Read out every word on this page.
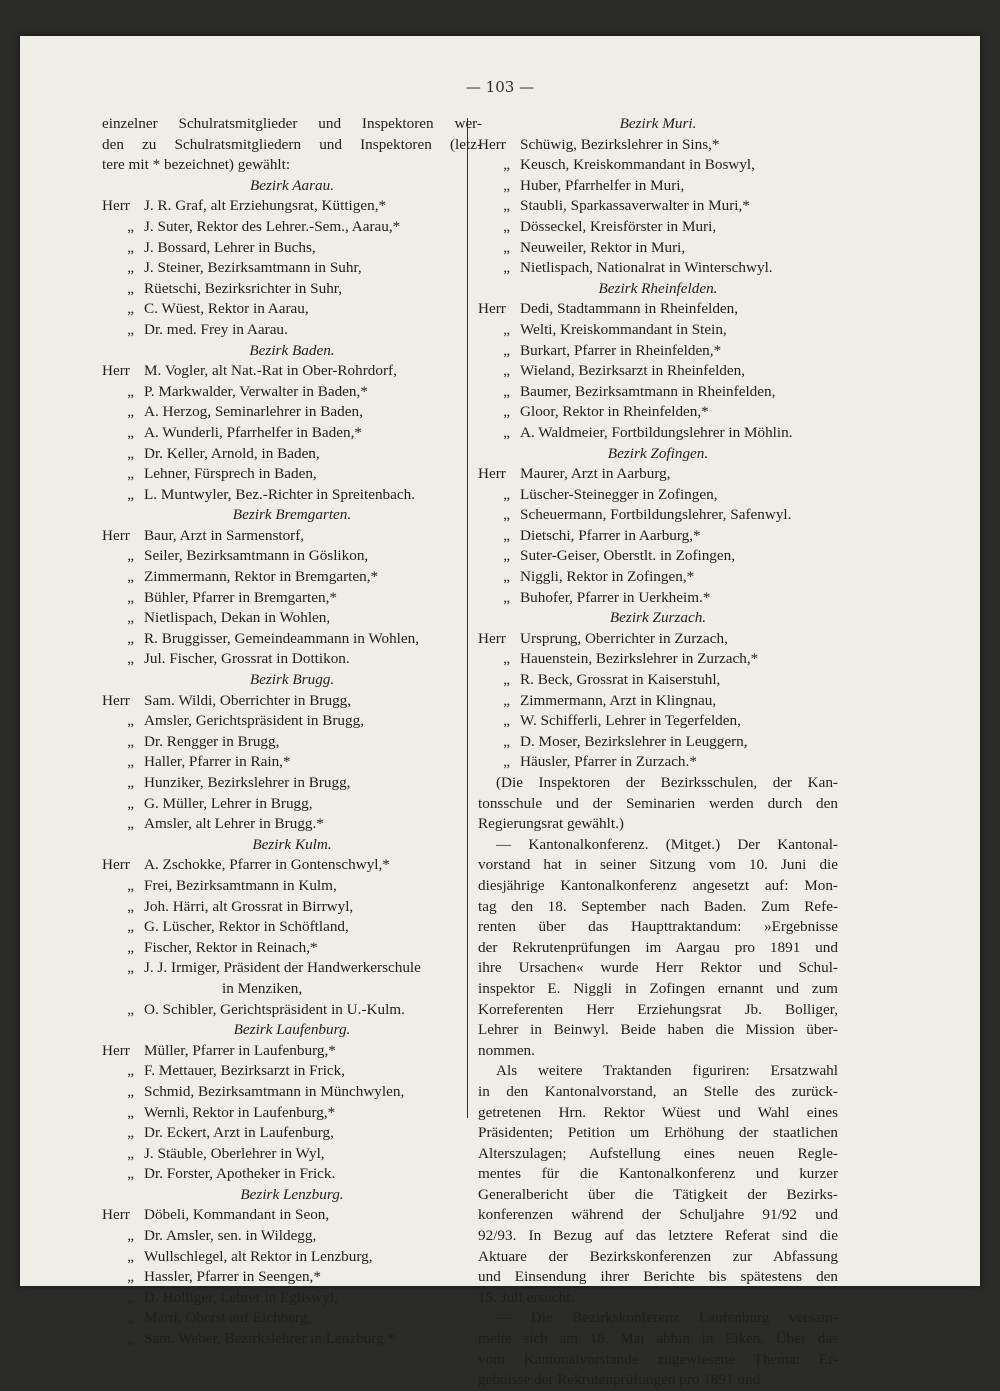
— 103 —
einzelner Schulratsmitglieder und Inspektoren wer-
den zu Schulratsmitgliedern und Inspektoren (letz-
tere mit * bezeichnet) gewählt:
Bezirk Aarau.
Herr J. R. Graf, alt Erziehungsrat, Küttigen,*
„ J. Suter, Rektor des Lehrer.-Sem., Aarau,*
„ J. Bossard, Lehrer in Buchs,
„ J. Steiner, Bezirksamtmann in Suhr,
„ Rüetschi, Bezirksrichter in Suhr,
„ C. Wüest, Rektor in Aarau,
„ Dr. med. Frey in Aarau.
Bezirk Baden.
Herr M. Vogler, alt Nat.-Rat in Ober-Rohrdorf,
„ P. Markwalder, Verwalter in Baden,*
„ A. Herzog, Seminarlehrer in Baden,
„ A. Wunderli, Pfarrhelfer in Baden,*
„ Dr. Keller, Arnold, in Baden,
„ Lehner, Fürsprech in Baden,
„ L. Muntwyler, Bez.-Richter in Spreitenbach.
Bezirk Bremgarten.
Herr Baur, Arzt in Sarmenstorf,
„ Seiler, Bezirksamtmann in Göslikon,
„ Zimmermann, Rektor in Bremgarten,*
„ Bühler, Pfarrer in Bremgarten,*
„ Nietlispach, Dekan in Wohlen,
„ R. Bruggisser, Gemeindeammann in Wohlen,
„ Jul. Fischer, Grossrat in Dottikon.
Bezirk Brugg.
Herr Sam. Wildi, Oberrichter in Brugg,
„ Amsler, Gerichtspräsident in Brugg,
„ Dr. Rengger in Brugg,
„ Haller, Pfarrer in Rain,*
„ Hunziker, Bezirkslehrer in Brugg,
„ G. Müller, Lehrer in Brugg,
„ Amsler, alt Lehrer in Brugg.*
Bezirk Kulm.
Herr A. Zschokke, Pfarrer in Gontenschwyl,*
„ Frei, Bezirksamtmann in Kulm,
„ Joh. Härri, alt Grossrat in Birrwyl,
„ G. Lüscher, Rektor in Schöftland,
„ Fischer, Rektor in Reinach,*
„ J. J. Irmiger, Präsident der Handwerkerschule
in Menziken,
„ O. Schibler, Gerichtspräsident in U.-Kulm.
Bezirk Laufenburg.
Herr Müller, Pfarrer in Laufenburg,*
„ F. Mettauer, Bezirksarzt in Frick,
„ Schmid, Bezirksamtmann in Münchwylen,
„ Wernli, Rektor in Laufenburg,*
„ Dr. Eckert, Arzt in Laufenburg,
„ J. Stäuble, Oberlehrer in Wyl,
„ Dr. Forster, Apotheker in Frick.
Bezirk Lenzburg.
Herr Döbeli, Kommandant in Seon,
„ Dr. Amsler, sen. in Wildegg,
„ Wullschlegel, alt Rektor in Lenzburg,
„ Hassler, Pfarrer in Seengen,*
„ D. Holliger, Lehrer in Egliswyl,
„ Marti, Oberst auf Eichberg,
„ Sam. Weber, Bezirkslehrer in Lenzburg.*
Bezirk Muri.
Herr Schüwig, Bezirkslehrer in Sins,*
„ Keusch, Kreiskommandant in Boswyl,
„ Huber, Pfarrhelfer in Muri,
„ Staubli, Sparkassaverwalter in Muri,*
„ Dösseckel, Kreisförster in Muri,
„ Neuweiler, Rektor in Muri,
„ Nietlispach, Nationalrat in Winterschwyl.
Bezirk Rheinfelden.
Herr Dedi, Stadtammann in Rheinfelden,
„ Welti, Kreiskommandant in Stein,
„ Burkart, Pfarrer in Rheinfelden,*
„ Wieland, Bezirksarzt in Rheinfelden,
„ Baumer, Bezirksamtmann in Rheinfelden,
„ Gloor, Rektor in Rheinfelden,*
„ A. Waldmeier, Fortbildungslehrer in Möhlin.
Bezirk Zofingen.
Herr Maurer, Arzt in Aarburg,
„ Lüscher-Steinegger in Zofingen,
„ Scheuermann, Fortbildungslehrer, Safenwyl.
„ Dietschi, Pfarrer in Aarburg,*
„ Suter-Geiser, Oberstlt. in Zofingen,
„ Niggli, Rektor in Zofingen,*
„ Buhofer, Pfarrer in Uerkheim.*
Bezirk Zurzach.
Herr Ursprung, Oberrichter in Zurzach,
„ Hauenstein, Bezirkslehrer in Zurzach,*
„ R. Beck, Grossrat in Kaiserstuhl,
„ Zimmermann, Arzt in Klingnau,
„ W. Schifferli, Lehrer in Tegerfelden,
„ D. Moser, Bezirkslehrer in Leuggern,
„ Häusler, Pfarrer in Zurzach.*
(Die Inspektoren der Bezirksschulen, der Kan-
tonsschule und der Seminarien werden durch den
Regierungsrat gewählt.)
— Kantonalkonferenz. (Mitget.) Der Kantonal-
vorstand hat in seiner Sitzung vom 10. Juni die
diesjährige Kantonalkonferenz angesetzt auf: Mon-
tag den 18. September nach Baden. Zum Refe-
renten über das Haupttraktandum: »Ergebnisse
der Rekrutenprüfungen im Aargau pro 1891 und
ihre Ursachen« wurde Herr Rektor und Schul-
inspektor E. Niggli in Zofingen ernannt und zum
Korreferenten Herr Erziehungsrat Jb. Bolliger,
Lehrer in Beinwyl. Beide haben die Mission über-
nommen.
Als weitere Traktanden figuriren: Ersatzwahl
in den Kantonalvorstand, an Stelle des zurück-
getretenen Hrn. Rektor Wüest und Wahl eines
Präsidenten; Petition um Erhöhung der staatlichen
Alterszulagen; Aufstellung eines neuen Regle-
mentes für die Kantonalkonferenz und kurzer
Generalbericht über die Tätigkeit der Bezirks-
konferenzen während der Schuljahre 91/92 und
92/93. In Bezug auf das letztere Referat sind die
Aktuare der Bezirkskonferenzen zur Abfassung
und Einsendung ihrer Berichte bis spätestens den
15. Juli ersucht.
— Die Bezirkskonferenz Laufenburg versam-
melte sich am 18. Mai abhin in Eiken. Über das
vom Kantonalvorstande zugewiesene Thema: Er-
gebnisse der Rekrutenprüfungen pro 1891 und
